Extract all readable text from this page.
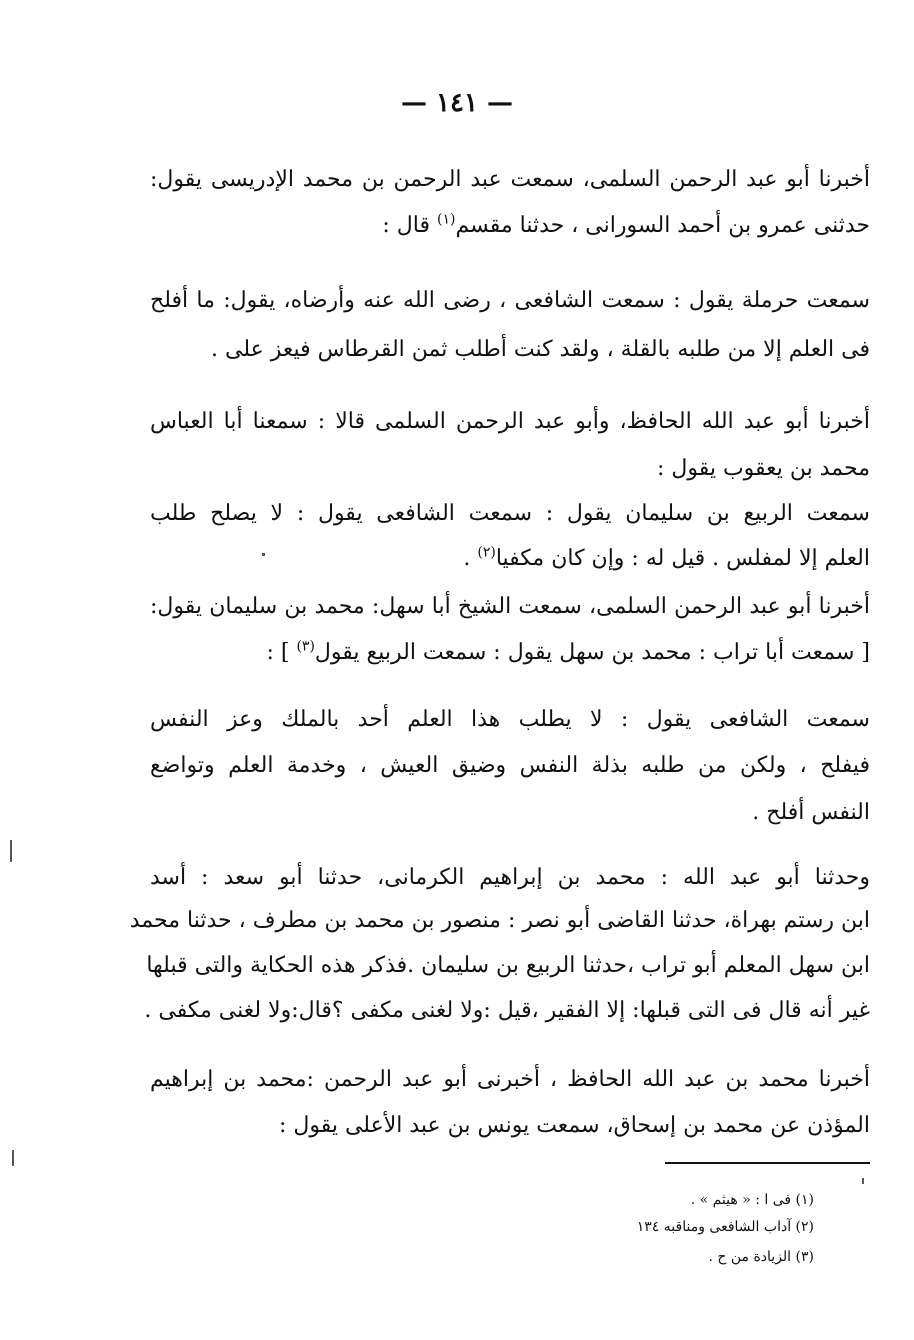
— ١٤١ —
أخبرنا أبو عبد الرحمن السلمى، سمعت عبد الرحمن بن محمد الإدريسى يقول:
حدثنى عمرو بن أحمد السورانى ، حدثنا مقسم$^{(١)}$ قال :
سمعت حرملة يقول : سمعت الشافعى ، رضى الله عنه وأرضاه، يقول: ما أفلح
فى العلم إلا من طلبه بالقلة ، ولقد كنت أطلب ثمن القرطاس فيعز على .
أخبرنا أبو عبد الله الحافظ، وأبو عبد الرحمن السلمى قالا : سمعنا أبا العباس
محمد بن يعقوب يقول :
سمعت الربيع بن سليمان يقول : سمعت الشافعى يقول : لا يصلح طلب
العلم إلا لمفلس . قيل له : وإن كان مكفيا$^{(٢)}$ .
أخبرنا أبو عبد الرحمن السلمى، سمعت الشيخ أبا سهل: محمد بن سليمان يقول:
[ سمعت أبا تراب : محمد بن سهل يقول : سمعت الربيع يقول$^{(٣)}$ ] :
سمعت الشافعى يقول : لا يطلب هذا العلم أحد بالملك وعز النفس
فيفلح ، ولكن من طلبه بذلة النفس وضيق العيش ، وخدمة العلم وتواضع
النفس أفلح .
وحدثنا أبو عبد الله : محمد بن إبراهيم الكرمانى، حدثنا أبو سعد : أسد
ابن رستم بهراة، حدثنا القاضى أبو نصر : منصور بن محمد بن مطرف ، حدثنا محمد
ابن سهل المعلم أبو تراب ،حدثنا الربيع بن سليمان .فذكر هذه الحكاية والتى قبلها
غير أنه قال فى التى قبلها: إلا الفقير ،قيل :ولا لغنى مكفى ؟قال:ولا لغنى مكفى .
أخبرنا محمد بن عبد الله الحافظ ، أخبرنى أبو عبد الرحمن :محمد بن إبراهيم
المؤذن عن محمد بن إسحاق، سمعت يونس بن عبد الأعلى يقول :
(١) فى ا : « هيثم » .
(٢) آداب الشافعى ومناقبه ١٣٤
(٣) الزيادة من ح .
